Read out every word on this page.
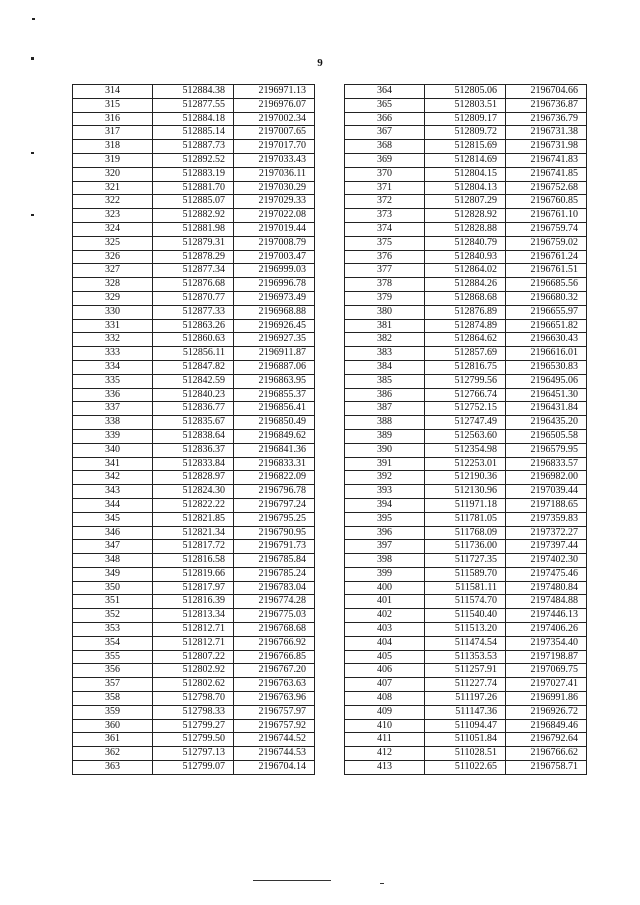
9
314	512884.38	2196971.13
315	512877.55	2196976.07
316	512884.18	2197002.34
317	512885.14	2197007.65
318	512887.73	2197017.70
319	512892.52	2197033.43
320	512883.19	2197036.11
321	512881.70	2197030.29
322	512885.07	2197029.33
323	512882.92	2197022.08
324	512881.98	2197019.44
325	512879.31	2197008.79
326	512878.29	2197003.47
327	512877.34	2196999.03
328	512876.68	2196996.78
329	512870.77	2196973.49
330	512877.33	2196968.88
331	512863.26	2196926.45
332	512860.63	2196927.35
333	512856.11	2196911.87
334	512847.82	2196887.06
335	512842.59	2196863.95
336	512840.23	2196855.37
337	512836.77	2196856.41
338	512835.67	2196850.49
339	512838.64	2196849.62
340	512836.37	2196841.36
341	512833.84	2196833.31
342	512828.97	2196822.09
343	512824.30	2196796.78
344	512822.22	2196797.24
345	512821.85	2196795.25
346	512821.34	2196790.95
347	512817.72	2196791.73
348	512816.58	2196785.84
349	512819.66	2196785.24
350	512817.97	2196783.04
351	512816.39	2196774.28
352	512813.34	2196775.03
353	512812.71	2196768.68
354	512812.71	2196766.92
355	512807.22	2196766.85
356	512802.92	2196767.20
357	512802.62	2196763.63
358	512798.70	2196763.96
359	512798.33	2196757.97
360	512799.27	2196757.92
361	512799.50	2196744.52
362	512797.13	2196744.53
363	512799.07	2196704.14
364	512805.06	2196704.66
365	512803.51	2196736.87
366	512809.17	2196736.79
367	512809.72	2196731.38
368	512815.69	2196731.98
369	512814.69	2196741.83
370	512804.15	2196741.85
371	512804.13	2196752.68
372	512807.29	2196760.85
373	512828.92	2196761.10
374	512828.88	2196759.74
375	512840.79	2196759.02
376	512840.93	2196761.24
377	512864.02	2196761.51
378	512884.26	2196685.56
379	512868.68	2196680.32
380	512876.89	2196655.97
381	512874.89	2196651.82
382	512864.62	2196630.43
383	512857.69	2196616.01
384	512816.75	2196530.83
385	512799.56	2196495.06
386	512766.74	2196451.30
387	512752.15	2196431.84
388	512747.49	2196435.20
389	512563.60	2196505.58
390	512354.98	2196579.95
391	512253.01	2196833.57
392	512190.36	2196982.00
393	512130.96	2197039.44
394	511971.18	2197188.65
395	511781.05	2197359.83
396	511768.09	2197372.27
397	511736.00	2197397.44
398	511727.35	2197402.30
399	511589.70	2197475.46
400	511581.11	2197480.84
401	511574.70	2197484.88
402	511540.40	2197446.13
403	511513.20	2197406.26
404	511474.54	2197354.40
405	511353.53	2197198.87
406	511257.91	2197069.75
407	511227.74	2197027.41
408	511197.26	2196991.86
409	511147.36	2196926.72
410	511094.47	2196849.46
411	511051.84	2196792.64
412	511028.51	2196766.62
413	511022.65	2196758.71
